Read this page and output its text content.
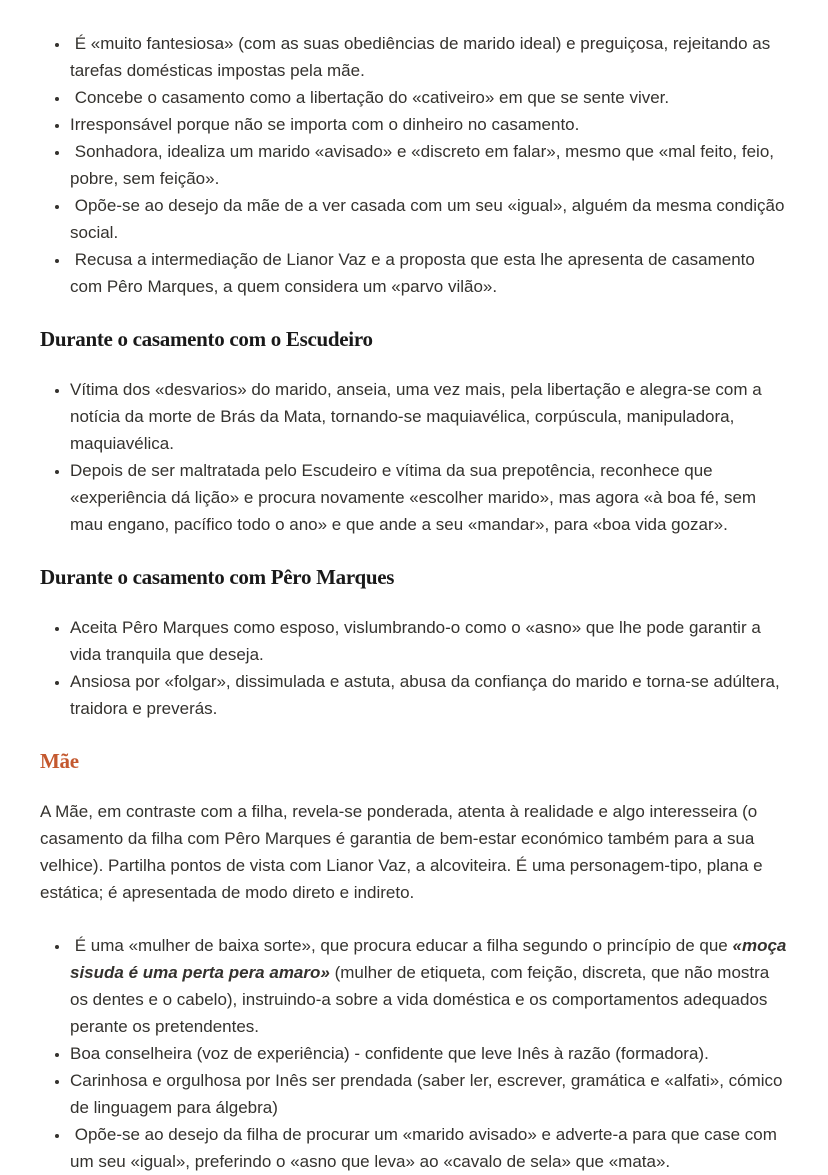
•  É «muito fantesiosa» (com as suas obediências de marido ideal) e preguiçosa, rejeitando as tarefas domésticas impostas pela mãe.
•  Concebe o casamento como a libertação do «cativeiro» em que se sente viver.
• Irresponsável porque não se importa com o dinheiro no casamento.
•  Sonhadora, idealiza um marido «avisado» e «discreto em falar», mesmo que «mal feito, feio, pobre, sem feição».
•  Opõe-se ao desejo da mãe de a ver casada com um seu «igual», alguém da mesma condição social.
•  Recusa a intermediação de Lianor Vaz e a proposta que esta lhe apresenta de casamento com Pêro Marques, a quem considera um «parvo vilão».
Durante o casamento com o Escudeiro
• Vítima dos «desvarios» do marido, anseia, uma vez mais, pela libertação e alegra-se com a notícia da morte de Brás da Mata, tornando-se maquiavélica, corpúscula, manipuladora, maquiavélica.
• Depois de ser maltratada pelo Escudeiro e vítima da sua prepotência, reconhece que «experiência dá lição» e procura novamente «escolher marido», mas agora «à boa fé, sem mau engano, pacífico todo o ano» e que ande a seu «mandar», para «boa vida gozar».
Durante o casamento com Pêro Marques
• Aceita Pêro Marques como esposo, vislumbrando-o como o «asno» que lhe pode garantir a vida tranquila que deseja.
• Ansiosa por «folgar», dissimulada e astuta, abusa da confiança do marido e torna-se adúltera, traidora e preverás.
Mãe

A Mãe, em contraste com a filha, revela-se ponderada, atenta à realidade e algo interesseira (o casamento da filha com Pêro Marques é garantia de bem-estar económico também para a sua velhice). Partilha pontos de vista com Lianor Vaz, a alcoviteira. É uma personagem-tipo, plana e estática; é apresentada de modo direto e indireto.

•  É uma «mulher de baixa sorte», que procura educar a filha segundo o princípio de que «moça sisuda é uma perta pera amaro» (mulher de etiqueta, com feição, discreta, que não mostra os dentes e o cabelo), instruindo-a sobre a vida doméstica e os comportamentos adequados perante os pretendentes.
• Boa conselheira (voz de experiência) - confidente que leve Inês à razão (formadora).
• Carinhosa e orgulhosa por Inês ser prendada (saber ler, escrever, gramática e «alfati», cómico de linguagem para álgebra)
•  Opõe-se ao desejo da filha de procurar um «marido avisado» e adverte-a para que case com um seu «igual», preferindo o «asno que leva» ao «cavalo de sela» que «mata».
